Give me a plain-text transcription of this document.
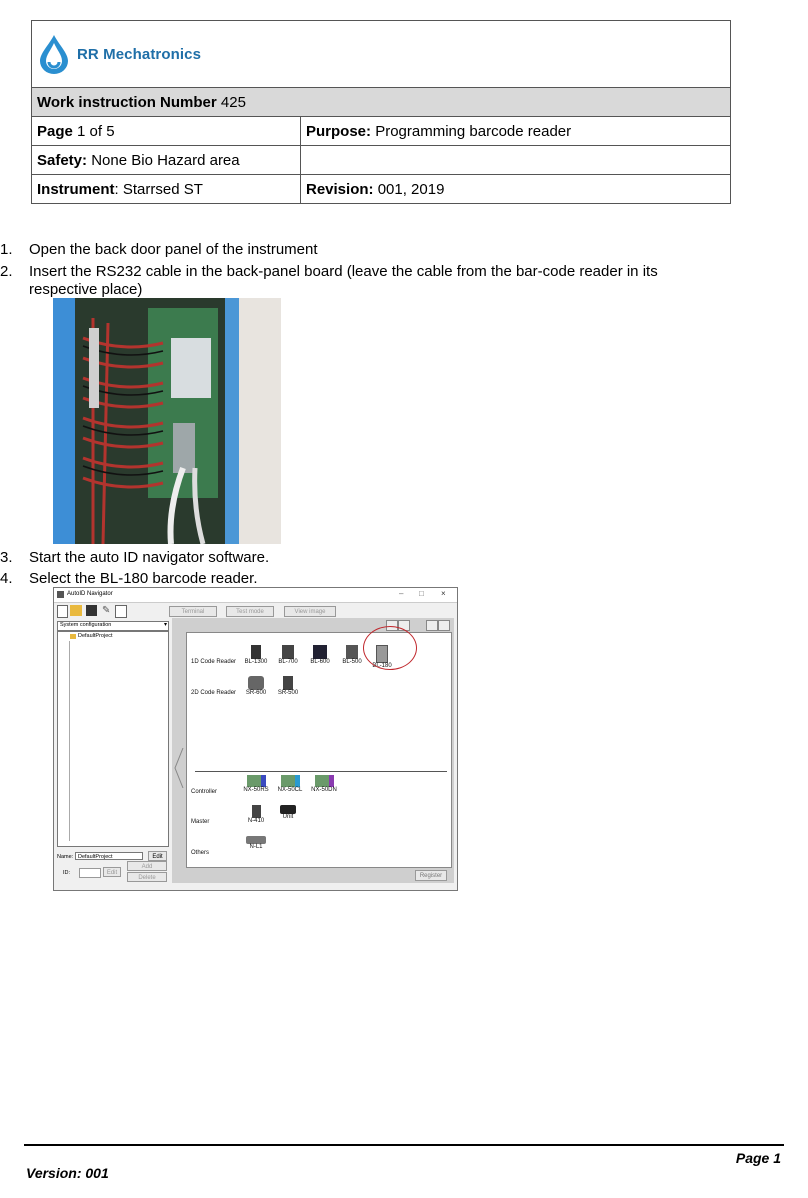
RR Mechatronics	

Work instruction Number 425	
Page 1 of 5	Purpose: Programming barcode reader
Safety: None Bio Hazard area	
Instrument: Starrsed ST	Revision: 001, 2019
1.	Open the back door panel of the instrument
2.	Insert the RS232 cable in the back-panel board (leave the cable from the bar-code reader in its respective place)
3.	Start the auto ID navigator software.
4.	Select the BL-180 barcode reader.
AutoID Navigator	– □ ×
✎	Terminal	Test mode	View image
System configuration	▾
DefaultProject
Name: DefaultProject	Edit
ID:	Edit
Add
Delete
1D Code Reader
2D Code Reader
Controller
Master
Others
BL-1300	BL-700	BL-600	BL-500
BL-180
SR-600	SR-500
NX-50RS	NX-50CL	NX-50DN
N-410
Unit
N-L1
Register
Page 1
Version: 001
